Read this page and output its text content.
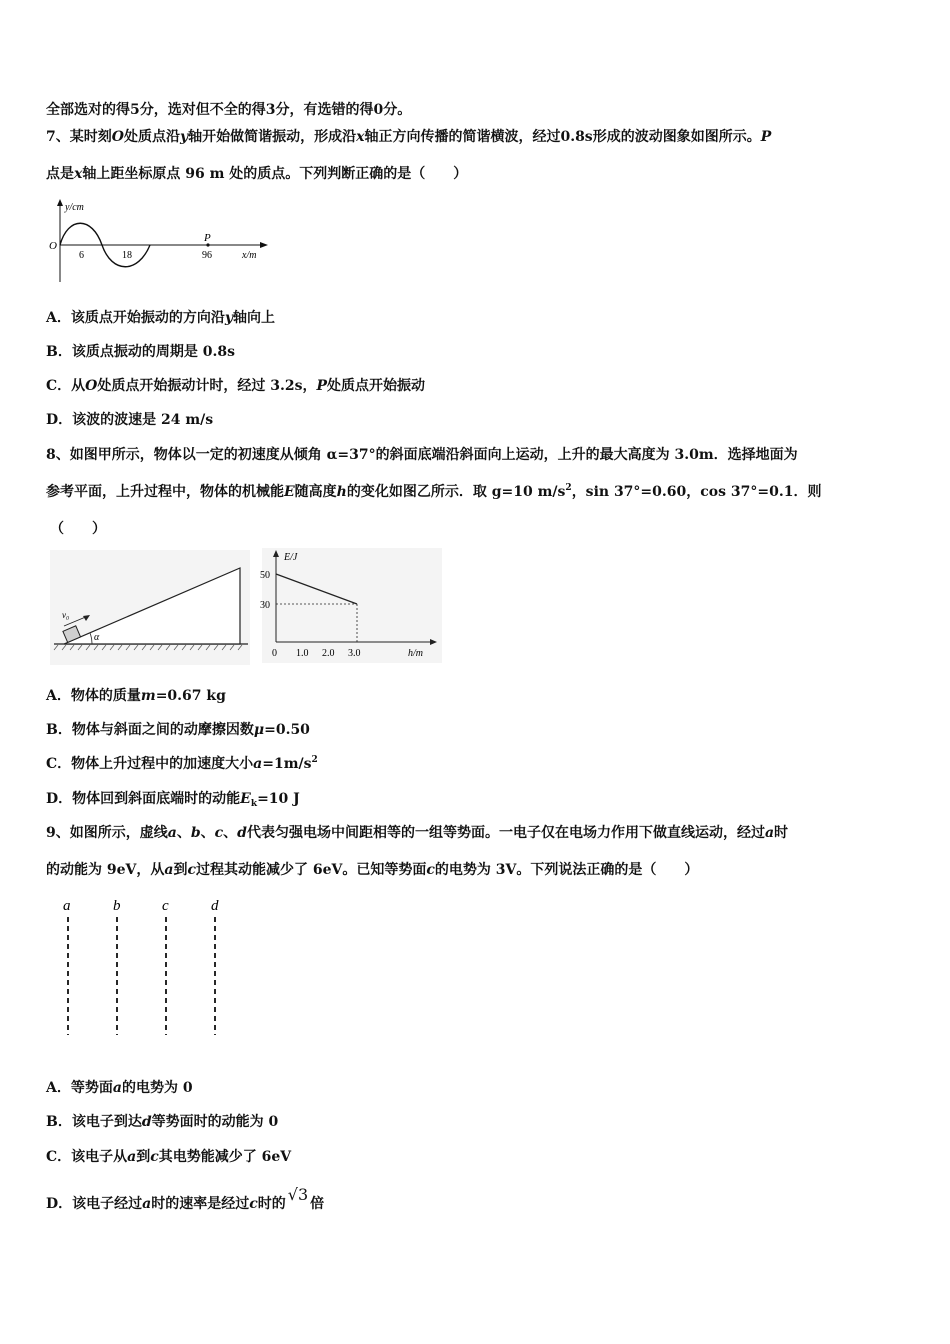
全部选对的得5分，选对但不全的得3分，有选错的得0分。
7、某时刻O处质点沿y轴开始做简谐振动，形成沿x轴正方向传播的简谐横波，经过0.8s形成的波动图象如图所示。P
点是x轴上距坐标原点 96 m 处的质点。下列判断正确的是（　　）
y/cm
O
6	18	96
P
x/m
A．该质点开始振动的方向沿y轴向上
B．该质点振动的周期是 0.8s
C．从O处质点开始振动计时，经过 3.2s，P处质点开始振动
D．该波的波速是 24 m/s
8、如图甲所示，物体以一定的初速度从倾角 α=37°的斜面底端沿斜面向上运动，上升的最大高度为 3.0m．选择地面为
参考平面，上升过程中，物体的机械能E随高度h的变化如图乙所示．取 g=10 $m/s^2$，sin 37°=0.60，cos 37°=0.1．则
（　　）
α
v₀
E/J
50
30
0 1.0 2.0 3.0	h/m
A．物体的质量m=0.67 kg
B．物体与斜面之间的动摩擦因数μ=0.50
C．物体上升过程中的加速度大小$a=1m/s^2$
D．物体回到斜面底端时的动能$E_k=10$ J
9、如图所示，虚线a、b、c、d代表匀强电场中间距相等的一组等势面。一电子仅在电场力作用下做直线运动，经过a时
的动能为 9eV，从a到c过程其动能减少了 6eV。已知等势面c的电势为 3V。下列说法正确的是（　　）
a	b	c	d
A．等势面a的电势为 0
B．该电子到达d等势面时的动能为 0
C．该电子从a到c其电势能减少了 6eV
D．该电子经过a时的速率是经过c时的 √3 倍
